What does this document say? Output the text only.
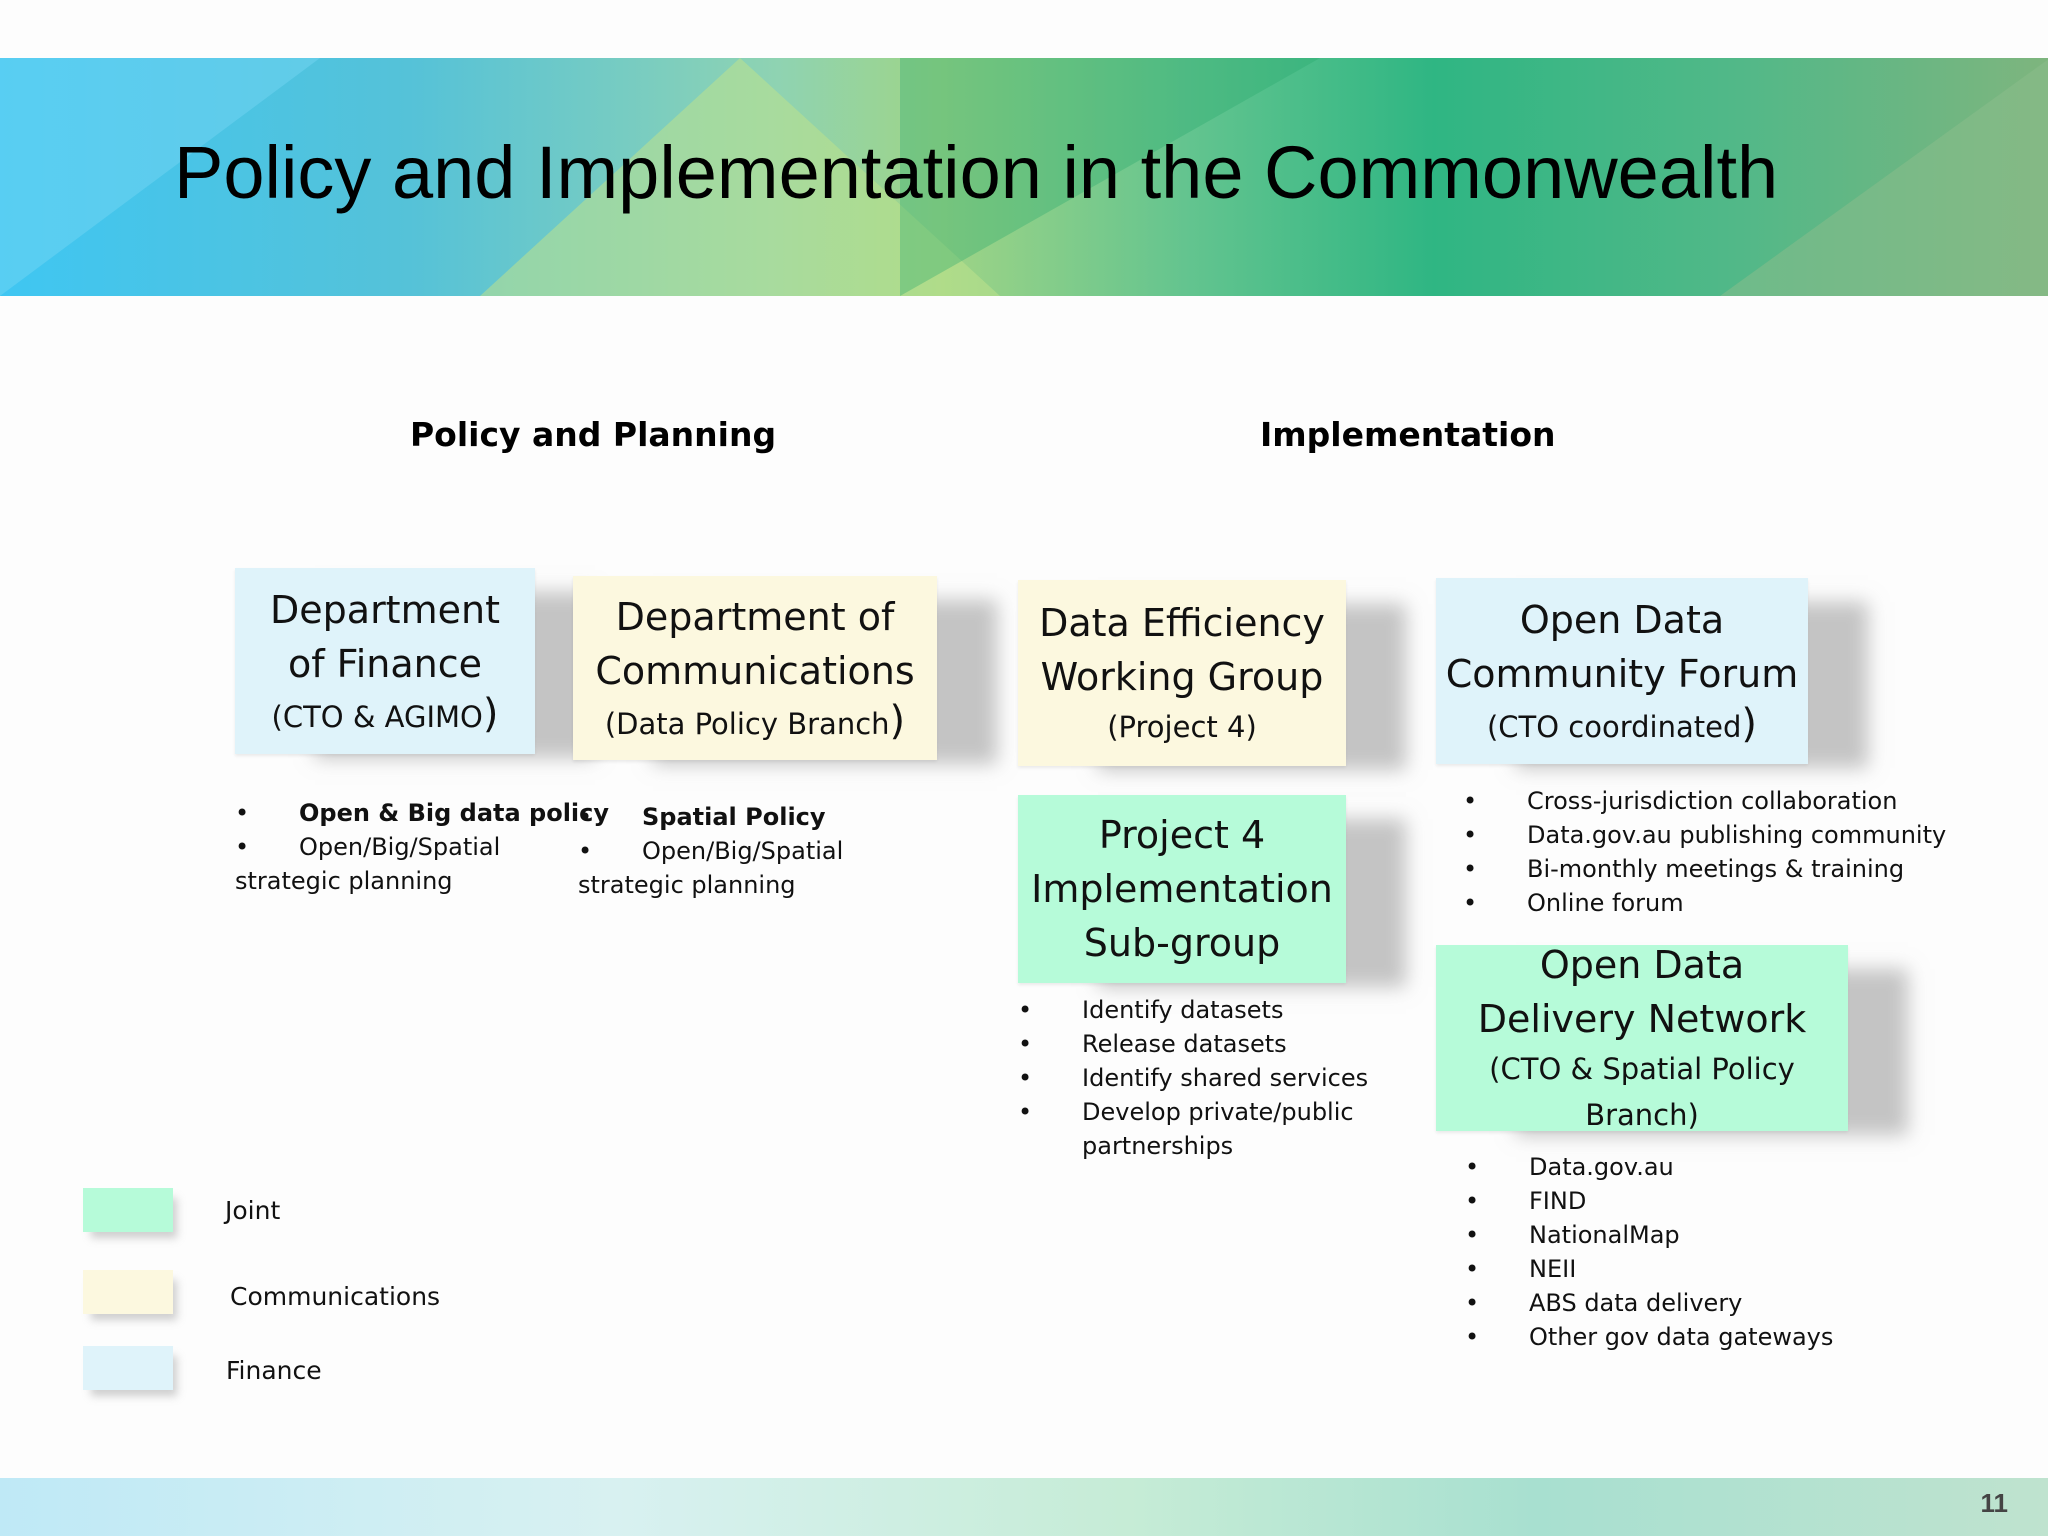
Policy and Implementation in the Commonwealth
Policy and Planning	Implementation
Department
of Finance
(CTO & AGIMO)
Department of
Communications
(Data Policy Branch)
Data Efficiency
Working Group
(Project 4)
Open Data
Community Forum
(CTO coordinated)
Project 4
Implementation
Sub-group	Open Data
Delivery Network
(CTO & Spatial Policy Branch)
• Open & Big data policy
• Open/Big/Spatial
strategic planning
• Spatial Policy
• Open/Big/Spatial
strategic planning
• Cross-jurisdiction collaboration
• Data.gov.au publishing community
• Bi-monthly meetings & training
• Online forum
• Identify datasets
• Release datasets
• Identify shared services
• Develop private/public
partnerships
• Data.gov.au
• FIND
• NationalMap
• NEII
• ABS data delivery
• Other gov data gateways
Joint
Communications
Finance
11
